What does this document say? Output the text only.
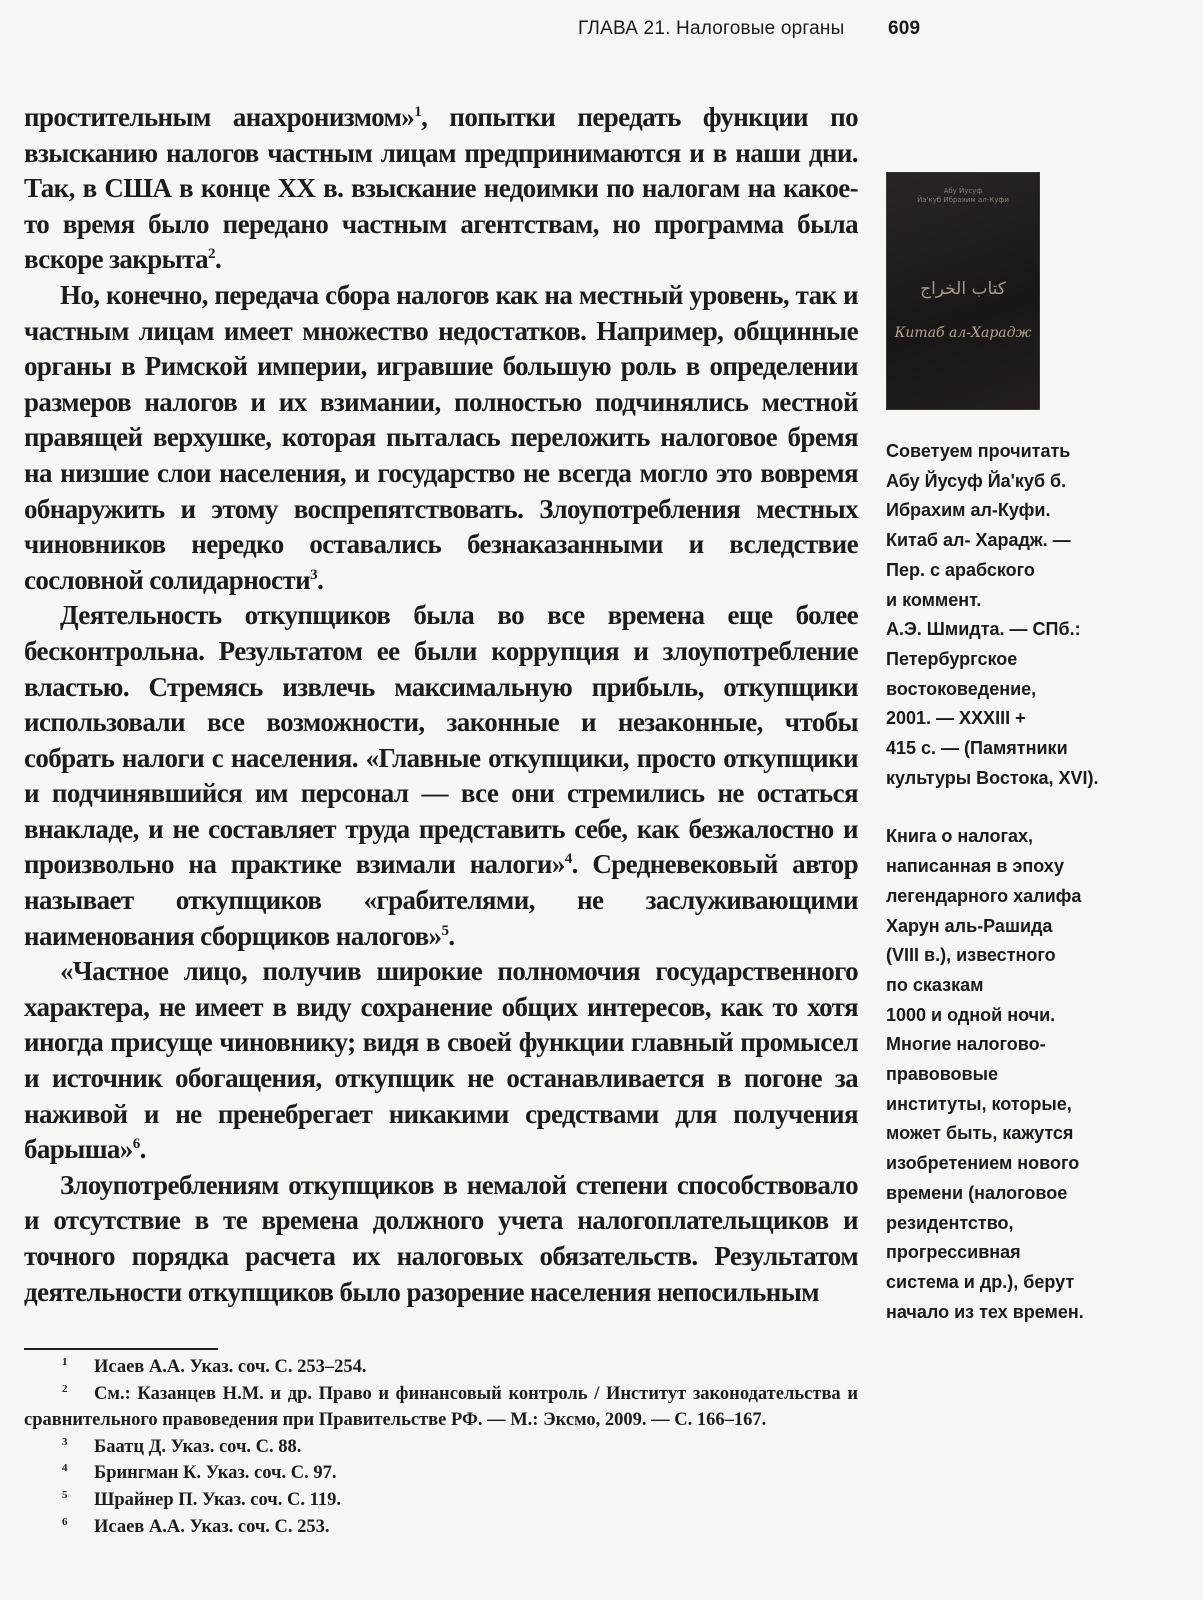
ГЛАВА 21. Налоговые органы 609

простительным анахронизмом»$^1$, попытки передать функции по взысканию налогов частным лицам предпринимаются и в наши дни. Так, в США в конце XX в. взыскание недоимки по налогам на какое-то время было передано частным агентствам, но программа была вскоре закрыта$^2$.

Но, конечно, передача сбора налогов как на местный уровень, так и частным лицам имеет множество недостатков. Например, общинные органы в Римской империи, игравшие большую роль в определении размеров налогов и их взимании, полностью подчинялись местной правящей верхушке, которая пыталась переложить налоговое бремя на низшие слои населения, и государство не всегда могло это вовремя обнаружить и этому воспрепятствовать. Злоупотребления местных чиновников нередко оставались безнаказанными и вследствие сословной солидарности$^3$.

Деятельность откупщиков была во все времена еще более бесконтрольна. Результатом ее были коррупция и злоупотребление властью. Стремясь извлечь максимальную прибыль, откупщики использовали все возможности, законные и незаконные, чтобы собрать налоги с населения. «Главные откупщики, просто откупщики и подчинявшийся им персонал — все они стремились не остаться внакладе, и не составляет труда представить себе, как безжалостно и произвольно на практике взимали налоги»$^4$. Средневековый автор называет откупщиков «грабителями, не заслуживающими наименования сборщиков налогов»$^5$.

«Частное лицо, получив широкие полномочия государственного характера, не имеет в виду сохранение общих интересов, как то хотя иногда присуще чиновнику; видя в своей функции главный промысел и источник обогащения, откупщик не останавливается в погоне за наживой и не пренебрегает никакими средствами для получения барыша»$^6$.

Злоупотреблениям откупщиков в немалой степени способствовало и отсутствие в те времена должного учета налогоплательщиков и точного порядка расчета их налоговых обязательств. Результатом деятельности откупщиков было разорение населения непосильным

Абу Йусуф
Йа'куб Ибрахим ал-Куфи
كتاب الخراج
Китаб ал-Харадж

Советуем прочитать
Абу Йусуф Йа'куб б.
Ибрахим ал-Куфи.
Китаб ал- Харадж. —
Пер. с арабского
и коммент.
А.Э. Шмидта. — СПб.:
Петербургское
востоковедение,
2001. — XXXIII +
415 с. — (Памятники
культуры Востока, XVI).

Книга о налогах,
написанная в эпоху
легендарного халифа
Харун аль-Рашида
(VIII в.), известного
по сказкам
1000 и одной ночи.
Многие налогово-
правововые
институты, которые,
может быть, кажутся
изобретением нового
времени (налоговое
резидентство,
прогрессивная
система и др.), берут
начало из тех времен.

1 Исаев А.А. Указ. соч. С. 253–254.

2 См.: Казанцев Н.М. и др. Право и финансовый контроль / Институт законодательства и сравнительного правоведения при Правительстве РФ. — М.: Эксмо, 2009. — С. 166–167.

3 Баатц Д. Указ. соч. С. 88.

4 Брингман К. Указ. соч. С. 97.

5 Шрайнер П. Указ. соч. С. 119.

6 Исаев А.А. Указ. соч. С. 253.
